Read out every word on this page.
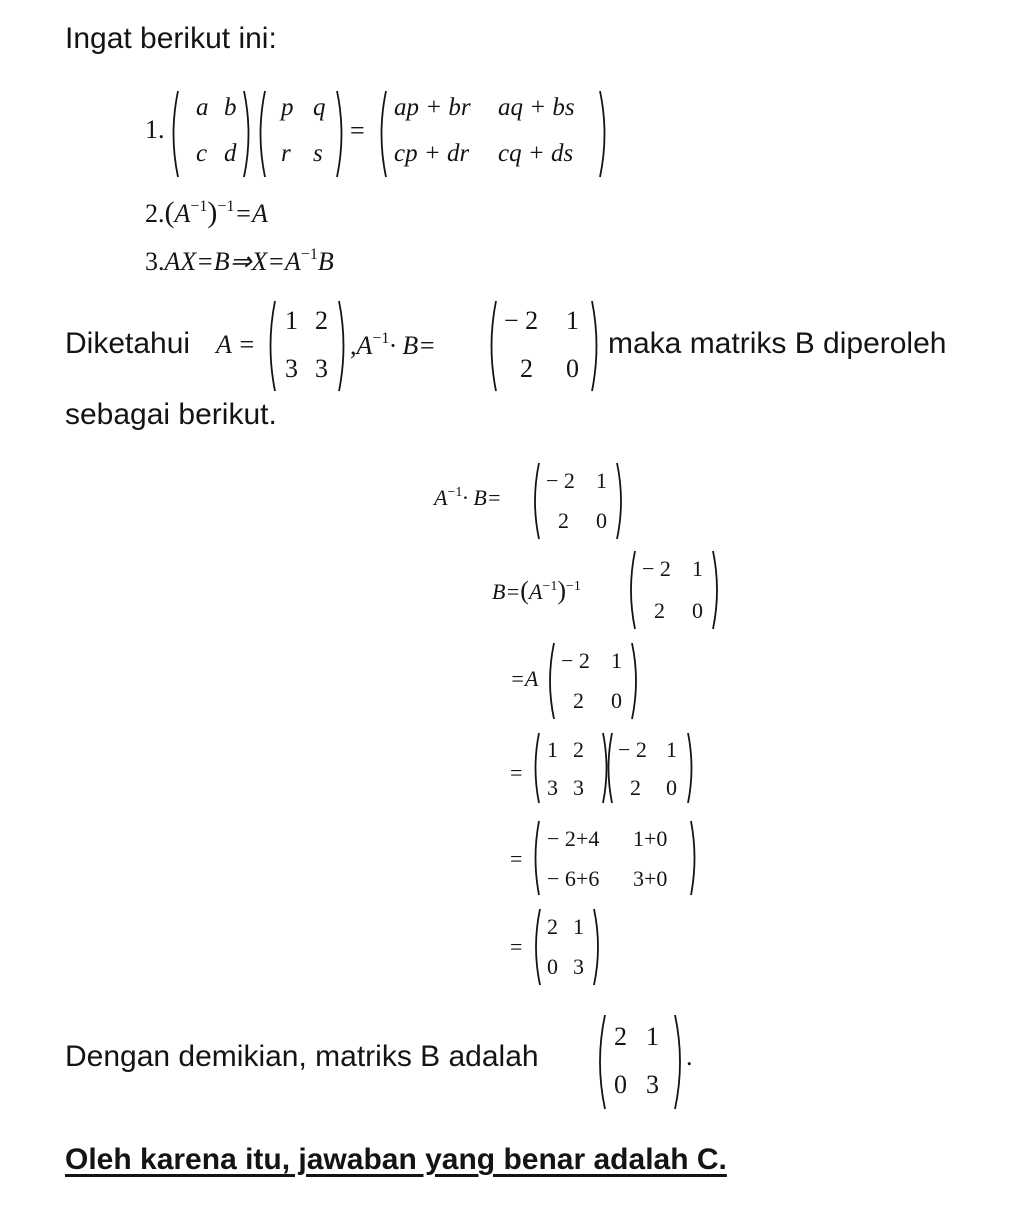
Ingat berikut ini:
1.
a b
c d
p q
r s
=
ap + br aq + bs
cp + dr cq + ds
$2.(A^{-1})^{-1}=A$
$3.AX=B\Rightarrow X=A^{-1}B$
Diketahui A =
1 2
3 3
$,A^{-1}\cdot B=$
− 2 1
2 0
maka matriks B diperoleh
sebagai berikut.
$A^{-1}\cdot B=$
− 2 1
2 0
$B=(A^{-1})^{-1}$
− 2 1
2 0
=A
− 2 1
2 0
=
1 2
3 3
− 2 1
2 0
=
− 2+4 1+0
− 6+6 3+0
=
2 1
0 3
Dengan demikian, matriks B adalah
2 1
0 3
.
Oleh karena itu, jawaban yang benar adalah C.
